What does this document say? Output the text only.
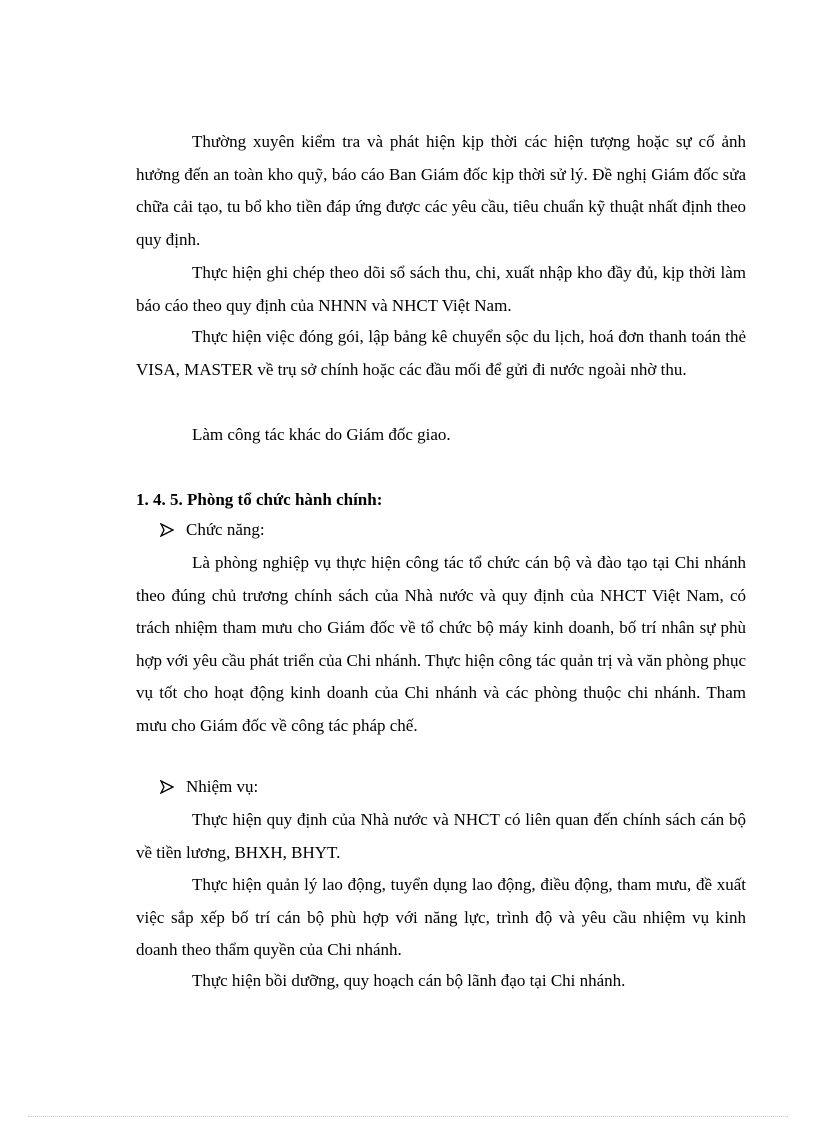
Thường xuyên kiểm tra và phát hiện kịp thời các hiện tượng hoặc sự cố ảnh hưởng đến an toàn kho quỹ, báo cáo Ban Giám đốc kịp thời sử lý. Đề nghị Giám đốc sửa chữa cải tạo, tu bổ kho tiền đáp ứng được các yêu cầu, tiêu chuẩn kỹ thuật nhất định theo quy định.

Thực hiện ghi chép theo dõi sổ sách thu, chi, xuất nhập kho đầy đủ, kịp thời làm báo cáo theo quy định của NHNN và NHCT Việt Nam.

Thực hiện việc đóng gói, lập bảng kê chuyển sộc du lịch, hoá đơn thanh toán thẻ VISA, MASTER về trụ sở chính hoặc các đầu mối để gửi đi nước ngoài nhờ thu.

Làm công tác khác do Giám đốc giao.

1. 4. 5. Phòng tổ chức hành chính:

Chức năng:

Là phòng nghiệp vụ thực hiện công tác tổ chức cán bộ và đào tạo tại Chi nhánh theo đúng chủ trương chính sách của Nhà nước và quy định của NHCT Việt Nam, có trách nhiệm tham mưu cho Giám đốc về tổ chức bộ máy kinh doanh, bố trí nhân sự phù hợp với yêu cầu phát triển của Chi nhánh. Thực hiện công tác quản trị và văn phòng phục vụ tốt cho hoạt động kinh doanh của Chi nhánh và các phòng thuộc chi nhánh. Tham mưu cho Giám đốc về công tác pháp chế.

Nhiệm vụ:

Thực hiện quy định của Nhà nước và NHCT có liên quan đến chính sách cán bộ về tiền lương, BHXH, BHYT.

Thực hiện quản lý lao động, tuyển dụng lao động, điều động, tham mưu, đề xuất việc sắp xếp bố trí cán bộ phù hợp với năng lực, trình độ và yêu cầu nhiệm vụ kinh doanh theo thẩm quyền của Chi nhánh.

Thực hiện bồi dưỡng, quy hoạch cán bộ lãnh đạo tại Chi nhánh.
